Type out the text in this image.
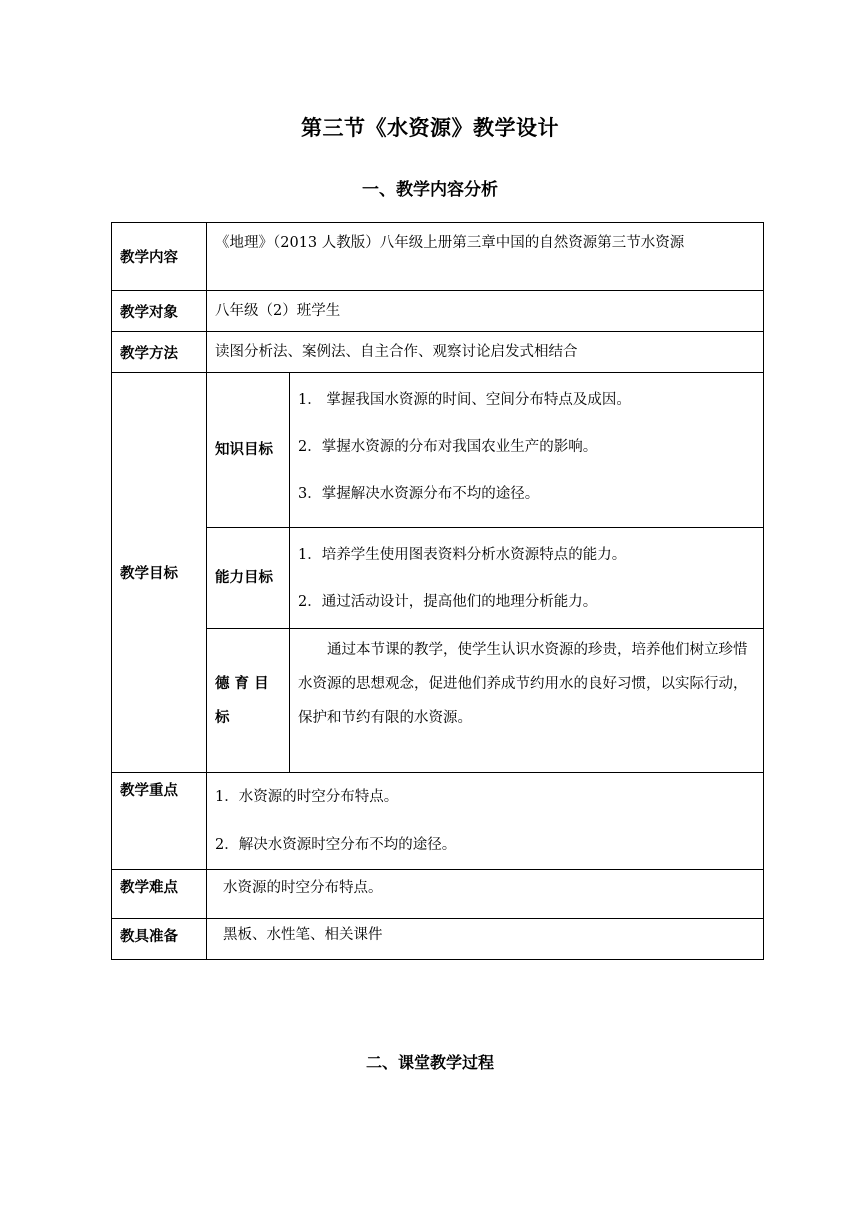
第三节《水资源》教学设计
一、教学内容分析
教学内容	《地理》（2013 人教版）八年级上册第三章中国的自然资源第三节水资源	
教学对象	八年级（2）班学生	
教学方法	读图分析法、案例法、自主合作、观察讨论启发式相结合	
教学目标	知识目标	1． 掌握我国水资源的时间、空间分布特点及成因。

2．掌握水资源的分布对我国农业生产的影响。

3．掌握解决水资源分布不均的途径。

	能力目标	1．培养学生使用图表资料分析水资源特点的能力。

2．通过活动设计，提高他们的地理分析能力。

	德 育 目标	通过本节课的教学，使学生认识水资源的珍贵，培养他们树立珍惜水资源的思想观念，促进他们养成节约用水的良好习惯，以实际行动，保护和节约有限的水资源。
教学重点	1．水资源的时空分布特点。

2．解决水资源时空分布不均的途径。	

教学难点	水资源的时空分布特点。	
教具准备	黑板、水性笔、相关课件	
二、课堂教学过程
